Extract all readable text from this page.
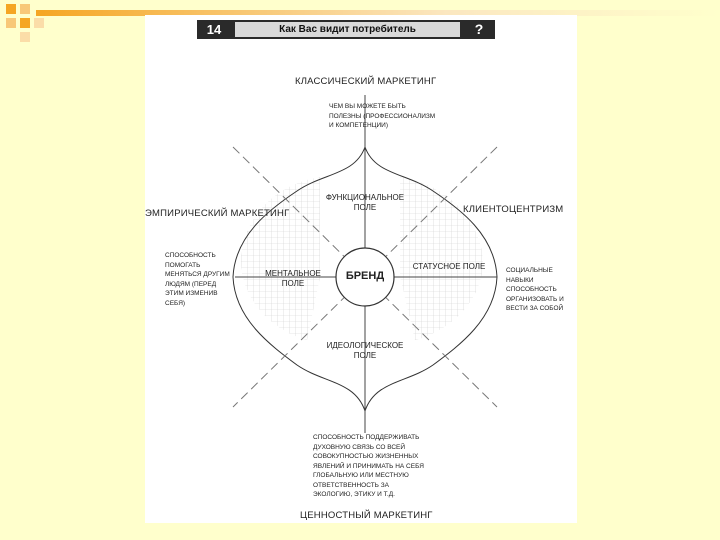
14	Как Вас видит потребитель	?
КЛАССИЧЕСКИЙ МАРКЕТИНГ
ЭМПИРИЧЕСКИЙ МАРКЕТИНГ	КЛИЕНТОЦЕНТРИЗМ
ЦЕННОСТНЫЙ МАРКЕТИНГ
ЧЕМ ВЫ МОЖЕТЕ БЫТЬ
ПОЛЕЗНЫ (ПРОФЕССИОНАЛИЗМ
И КОМПЕТЕНЦИИ)
СПОСОБНОСТЬ
ПОМОГАТЬ
МЕНЯТЬСЯ ДРУГИМ
ЛЮДЯМ (ПЕРЕД
ЭТИМ ИЗМЕНИВ
СЕБЯ)
СОЦИАЛЬНЫЕ
НАВЫКИ
СПОСОБНОСТЬ
ОРГАНИЗОВАТЬ И
ВЕСТИ ЗА СОБОЙ
СПОСОБНОСТЬ ПОДДЕРЖИВАТЬ
ДУХОВНУЮ СВЯЗЬ СО ВСЕЙ
СОВОКУПНОСТЬЮ ЖИЗНЕННЫХ
ЯВЛЕНИЙ И ПРИНИМАТЬ НА СЕБЯ
ГЛОБАЛЬНУЮ ИЛИ МЕСТНУЮ
ОТВЕТСТВЕННОСТЬ ЗА
ЭКОЛОГИЮ, ЭТИКУ И Т.Д.
ФУНКЦИОНАЛЬНОЕ
ПОЛЕ
МЕНТАЛЬНОЕ
ПОЛЕ
СТАТУСНОЕ ПОЛЕ
ИДЕОЛОГИЧЕСКОЕ
ПОЛЕ
БРЕНД
